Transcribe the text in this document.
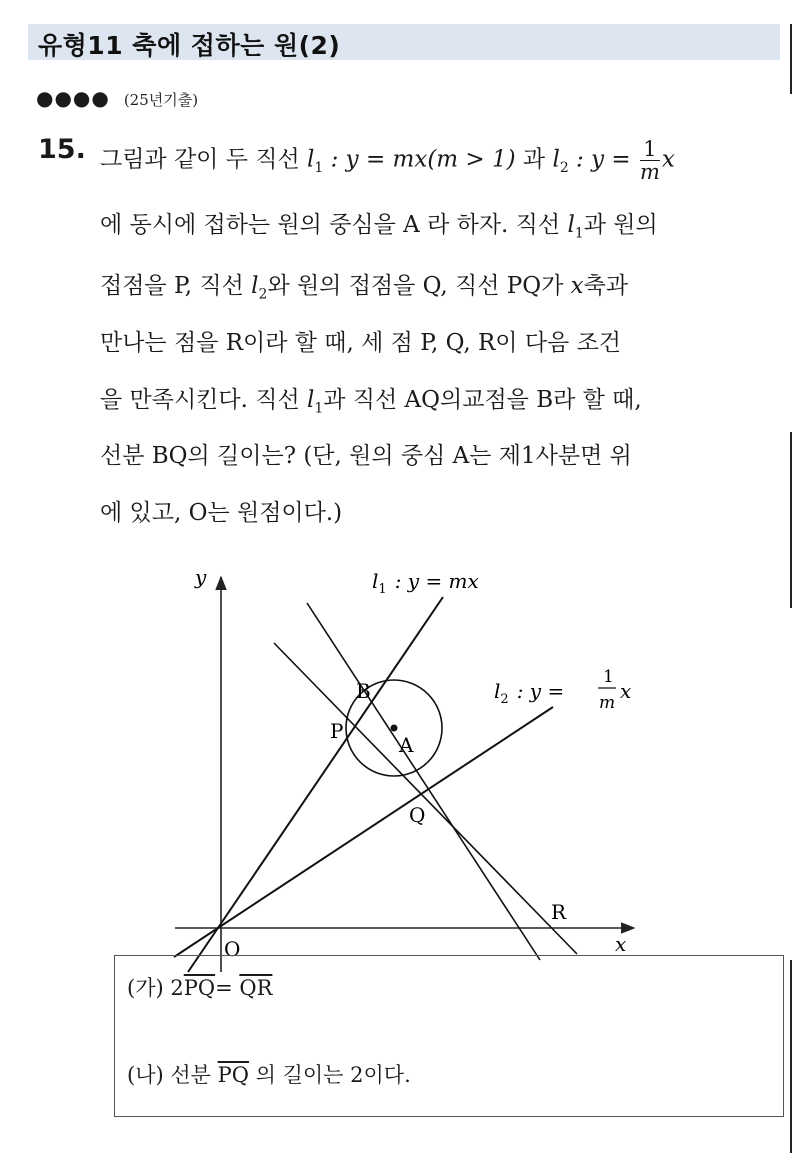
유형11 축에 접하는 원(2)
●●●● (25년기출)
15. 그림과 같이 두 직선 $l_1$ : y = mx(m > 1) 과 $l_2$ : $y = \frac{1}{m}$ x
에 동시에 접하는 원의 중심을 A 라 하자. 직선 $l_1$과 원의
접점을 P, 직선 $l_2$와 원의 접점을 Q, 직선 PQ가 x축과
만나는 점을 R이라 할 때, 세 점 P, Q, R이 다음 조건
을 만족시킨다. 직선 $l_1$과 직선 AQ의교점을 B라 할 때,
선분 BQ의 길이는? (단, 원의 중심 A는 제1사분면 위
에 있고, O는 원점이다.)
y
x
O
$l_1$ : y = mx
$l_2$ : y =
1
m x
B
P
A
Q
R
(가) $2\overline{PQ}= \overline{QR}$
(나) 선분 $\overline{PQ}$ 의 길이는 2이다.
